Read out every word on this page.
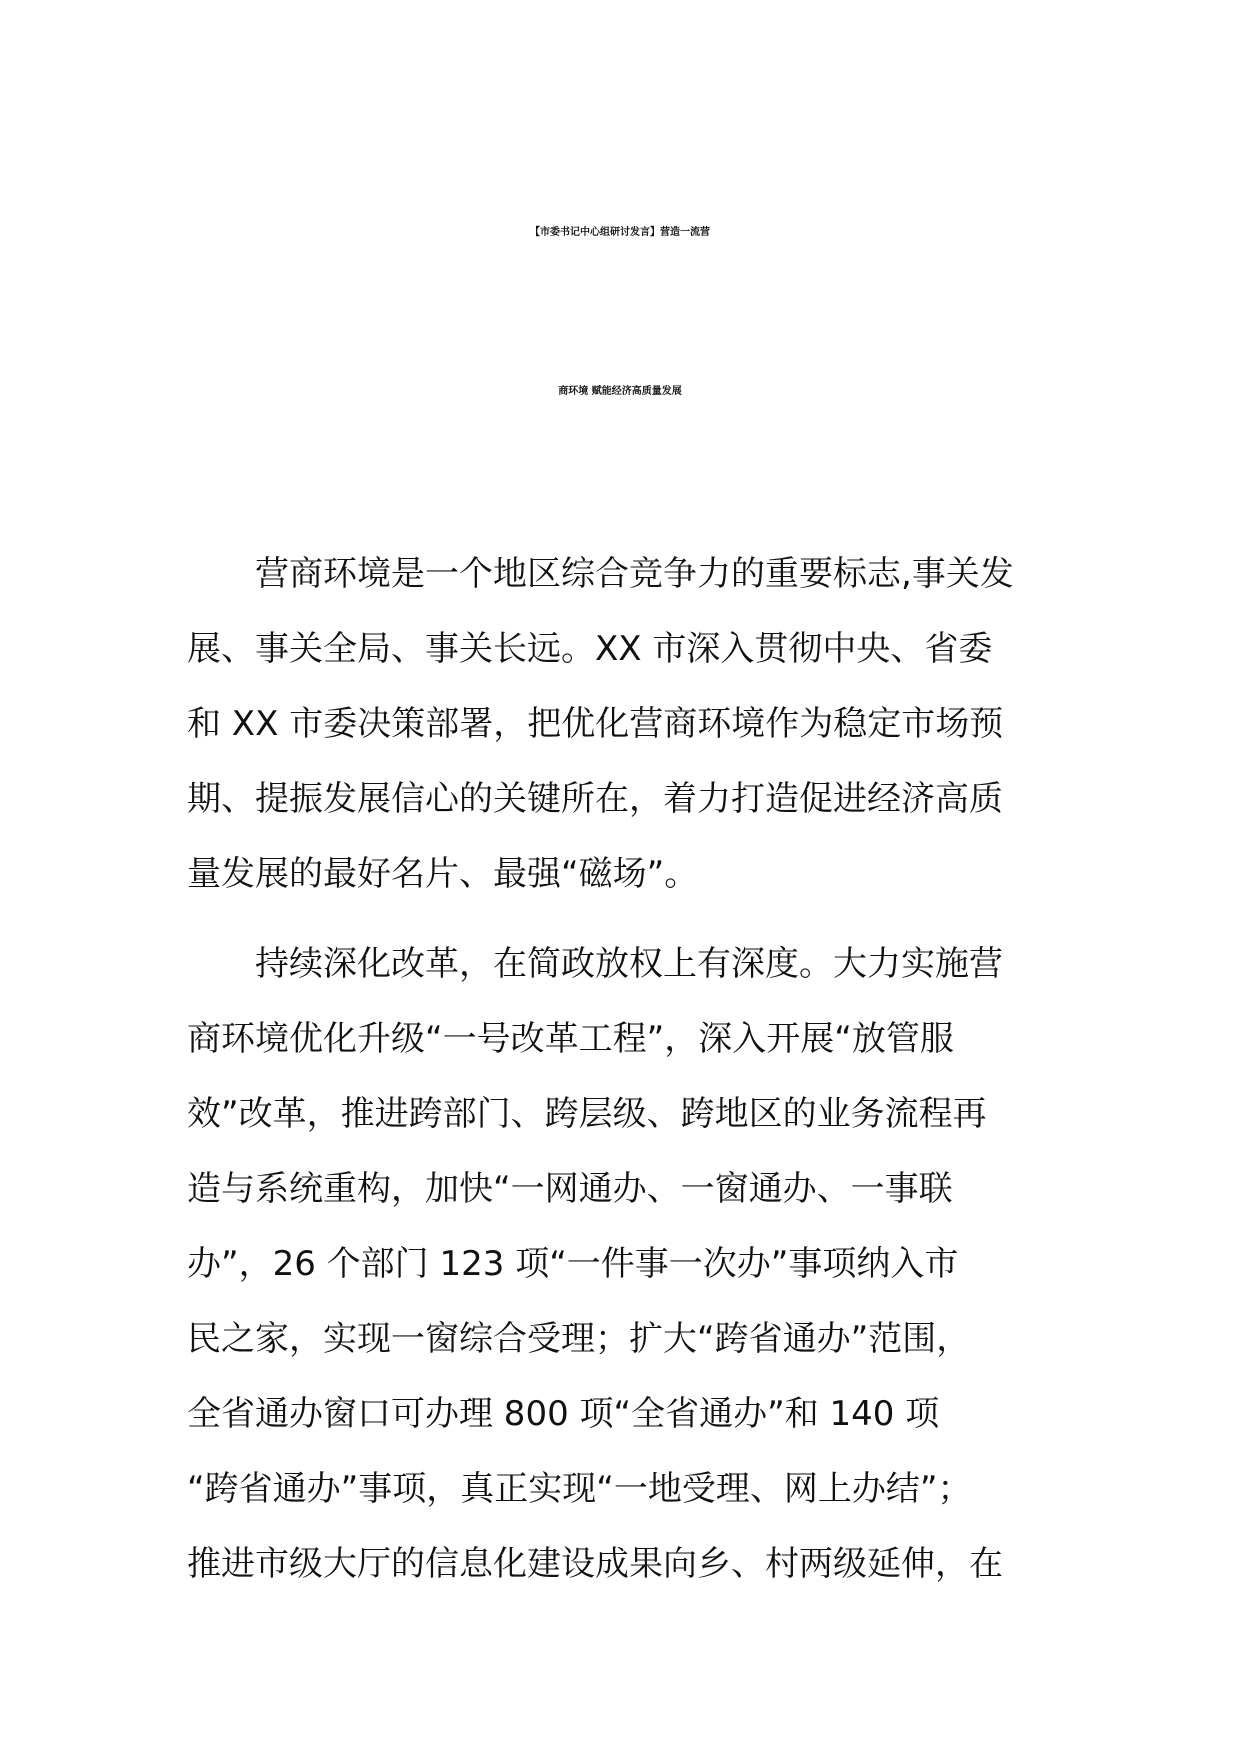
【市委书记中心组研讨发言】营造一流营
商环境 赋能经济高质量发展
营商环境是一个地区综合竞争力的重要标志,事关发
展、事关全局、事关长远。XX 市深入贯彻中央、省委
和 XX 市委决策部署，把优化营商环境作为稳定市场预
期、提振发展信心的关键所在，着力打造促进经济高质
量发展的最好名片、最强“磁场”。
持续深化改革，在简政放权上有深度。大力实施营
商环境优化升级“一号改革工程”，深入开展“放管服
效”改革，推进跨部门、跨层级、跨地区的业务流程再
造与系统重构，加快“一网通办、一窗通办、一事联
办”，26 个部门 123 项“一件事一次办”事项纳入市
民之家，实现一窗综合受理；扩大“跨省通办”范围，
全省通办窗口可办理 800 项“全省通办”和 140 项
“跨省通办”事项，真正实现“一地受理、网上办结”；
推进市级大厅的信息化建设成果向乡、村两级延伸，在
